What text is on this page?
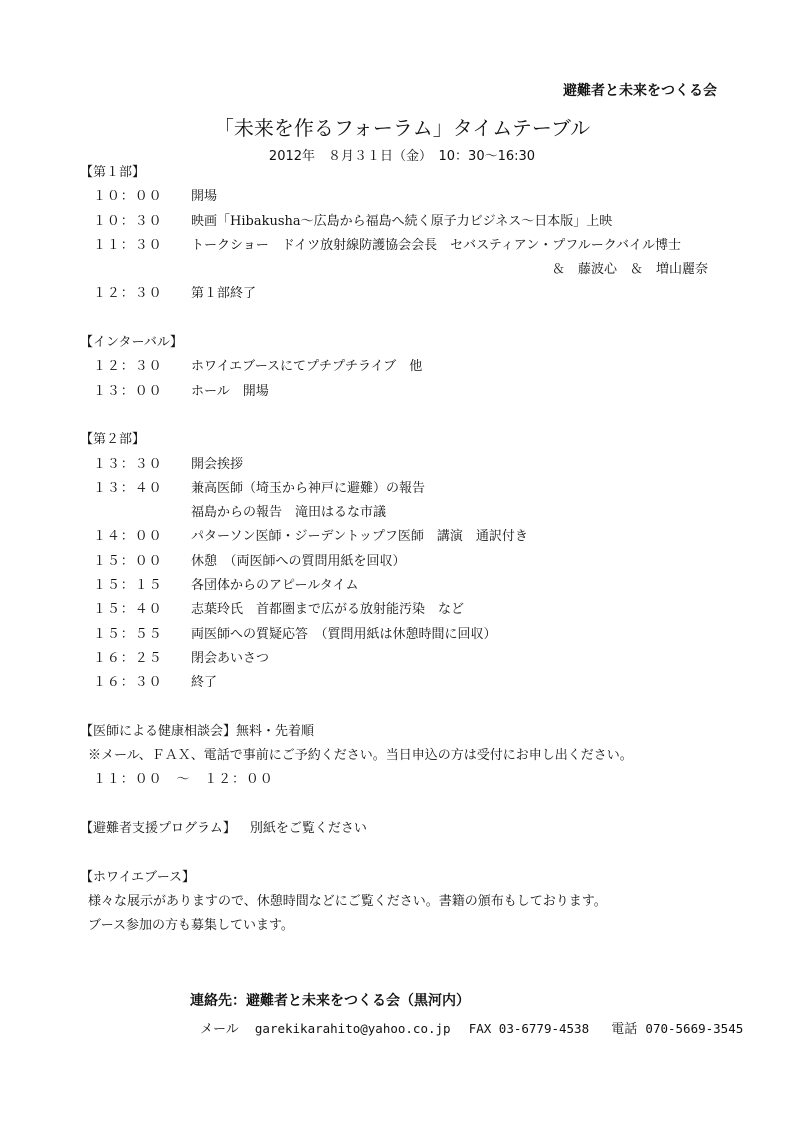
避難者と未来をつくる会
「未来を作るフォーラム」タイムテーブル
2012年　８月３１日（金）　10：30～16:30
【第１部】
１０：００ 開場
１０：３０ 映画「Hibakusha～広島から福島へ続く原子力ビジネス～日本版」上映
１１：３０ トークショー　ドイツ放射線防護協会会長　セバスティアン・プフルークバイル博士
＆　藤波心　＆　増山麗奈
１２：３０ 第１部終了
【インターバル】
１２：３０ ホワイエブースにてプチプチライブ　他
１３：００ ホール　開場
【第２部】
１３：３０ 開会挨拶
１３：４０ 兼高医師（埼玉から神戸に避難）の報告
福島からの報告　滝田はるな市議
１４：００ パターソン医師・ジーデントップフ医師　講演　通訳付き
１５：００ 休憩　（両医師への質問用紙を回収）
１５：１５ 各団体からのアピールタイム
１５：４０ 志葉玲氏　首都圏まで広がる放射能汚染　など
１５：５５ 両医師への質疑応答　（質問用紙は休憩時間に回収）
１６：２５ 閉会あいさつ
１６：３０ 終了
【医師による健康相談会】無料・先着順
※メール、ＦＡＸ、電話で事前にご予約ください。当日申込の方は受付にお申し出ください。
１１：００　～　１２：００
【避難者支援プログラム】 別紙をご覧ください
【ホワイエブース】
様々な展示がありますので、休憩時間などにご覧ください。書籍の頒布もしております。
ブース参加の方も募集しています。
連絡先：避難者と未来をつくる会（黒河内）
メール garekikarahito@yahoo.co.jp FAX 03-6779-4538 電話 070-5669-3545
